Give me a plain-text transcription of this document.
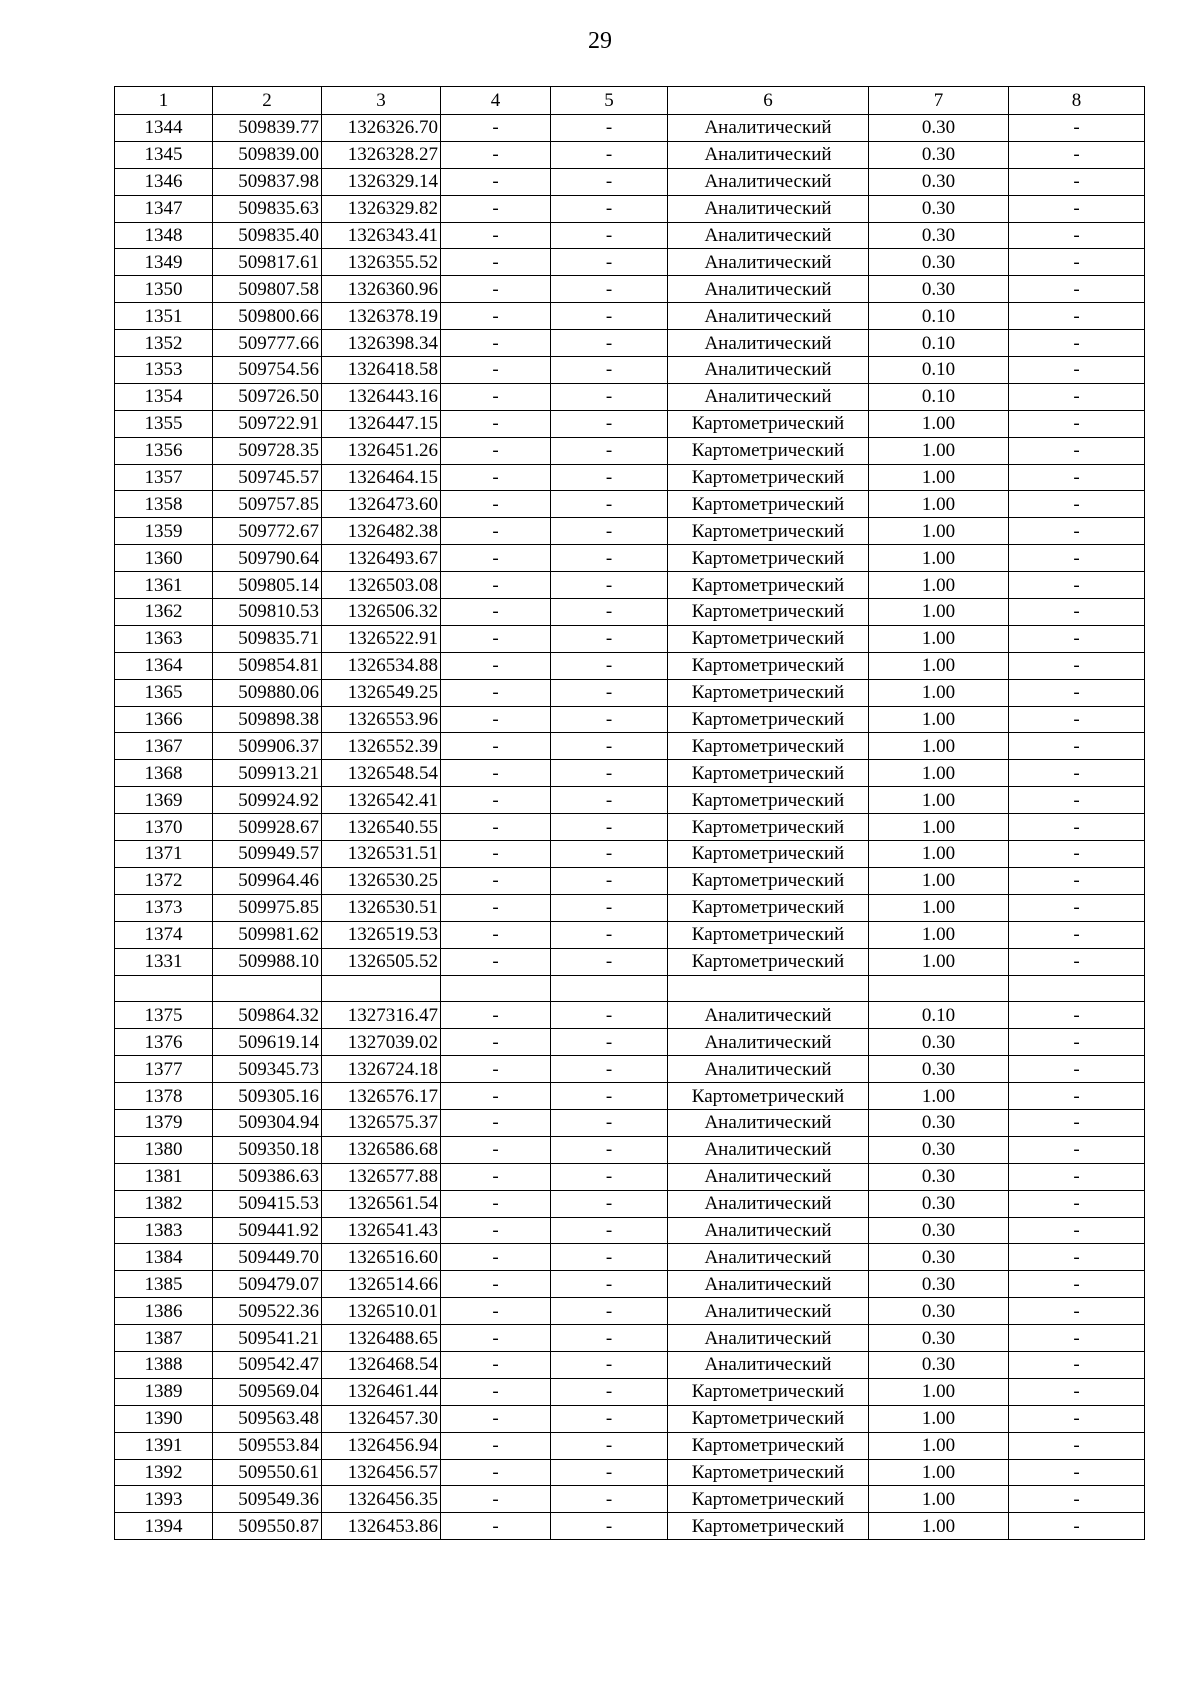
29
1	2	3	4	5	6	7	8
1344	509839.77	1326326.70	-	-	Аналитический	0.30	-
1345	509839.00	1326328.27	-	-	Аналитический	0.30	-
1346	509837.98	1326329.14	-	-	Аналитический	0.30	-
1347	509835.63	1326329.82	-	-	Аналитический	0.30	-
1348	509835.40	1326343.41	-	-	Аналитический	0.30	-
1349	509817.61	1326355.52	-	-	Аналитический	0.30	-
1350	509807.58	1326360.96	-	-	Аналитический	0.30	-
1351	509800.66	1326378.19	-	-	Аналитический	0.10	-
1352	509777.66	1326398.34	-	-	Аналитический	0.10	-
1353	509754.56	1326418.58	-	-	Аналитический	0.10	-
1354	509726.50	1326443.16	-	-	Аналитический	0.10	-
1355	509722.91	1326447.15	-	-	Картометрический	1.00	-
1356	509728.35	1326451.26	-	-	Картометрический	1.00	-
1357	509745.57	1326464.15	-	-	Картометрический	1.00	-
1358	509757.85	1326473.60	-	-	Картометрический	1.00	-
1359	509772.67	1326482.38	-	-	Картометрический	1.00	-
1360	509790.64	1326493.67	-	-	Картометрический	1.00	-
1361	509805.14	1326503.08	-	-	Картометрический	1.00	-
1362	509810.53	1326506.32	-	-	Картометрический	1.00	-
1363	509835.71	1326522.91	-	-	Картометрический	1.00	-
1364	509854.81	1326534.88	-	-	Картометрический	1.00	-
1365	509880.06	1326549.25	-	-	Картометрический	1.00	-
1366	509898.38	1326553.96	-	-	Картометрический	1.00	-
1367	509906.37	1326552.39	-	-	Картометрический	1.00	-
1368	509913.21	1326548.54	-	-	Картометрический	1.00	-
1369	509924.92	1326542.41	-	-	Картометрический	1.00	-
1370	509928.67	1326540.55	-	-	Картометрический	1.00	-
1371	509949.57	1326531.51	-	-	Картометрический	1.00	-
1372	509964.46	1326530.25	-	-	Картометрический	1.00	-
1373	509975.85	1326530.51	-	-	Картометрический	1.00	-
1374	509981.62	1326519.53	-	-	Картометрический	1.00	-
1331	509988.10	1326505.52	-	-	Картометрический	1.00	-

1375	509864.32	1327316.47	-	-	Аналитический	0.10	-
1376	509619.14	1327039.02	-	-	Аналитический	0.30	-
1377	509345.73	1326724.18	-	-	Аналитический	0.30	-
1378	509305.16	1326576.17	-	-	Картометрический	1.00	-
1379	509304.94	1326575.37	-	-	Аналитический	0.30	-
1380	509350.18	1326586.68	-	-	Аналитический	0.30	-
1381	509386.63	1326577.88	-	-	Аналитический	0.30	-
1382	509415.53	1326561.54	-	-	Аналитический	0.30	-
1383	509441.92	1326541.43	-	-	Аналитический	0.30	-
1384	509449.70	1326516.60	-	-	Аналитический	0.30	-
1385	509479.07	1326514.66	-	-	Аналитический	0.30	-
1386	509522.36	1326510.01	-	-	Аналитический	0.30	-
1387	509541.21	1326488.65	-	-	Аналитический	0.30	-
1388	509542.47	1326468.54	-	-	Аналитический	0.30	-
1389	509569.04	1326461.44	-	-	Картометрический	1.00	-
1390	509563.48	1326457.30	-	-	Картометрический	1.00	-
1391	509553.84	1326456.94	-	-	Картометрический	1.00	-
1392	509550.61	1326456.57	-	-	Картометрический	1.00	-
1393	509549.36	1326456.35	-	-	Картометрический	1.00	-
1394	509550.87	1326453.86	-	-	Картометрический	1.00	-
